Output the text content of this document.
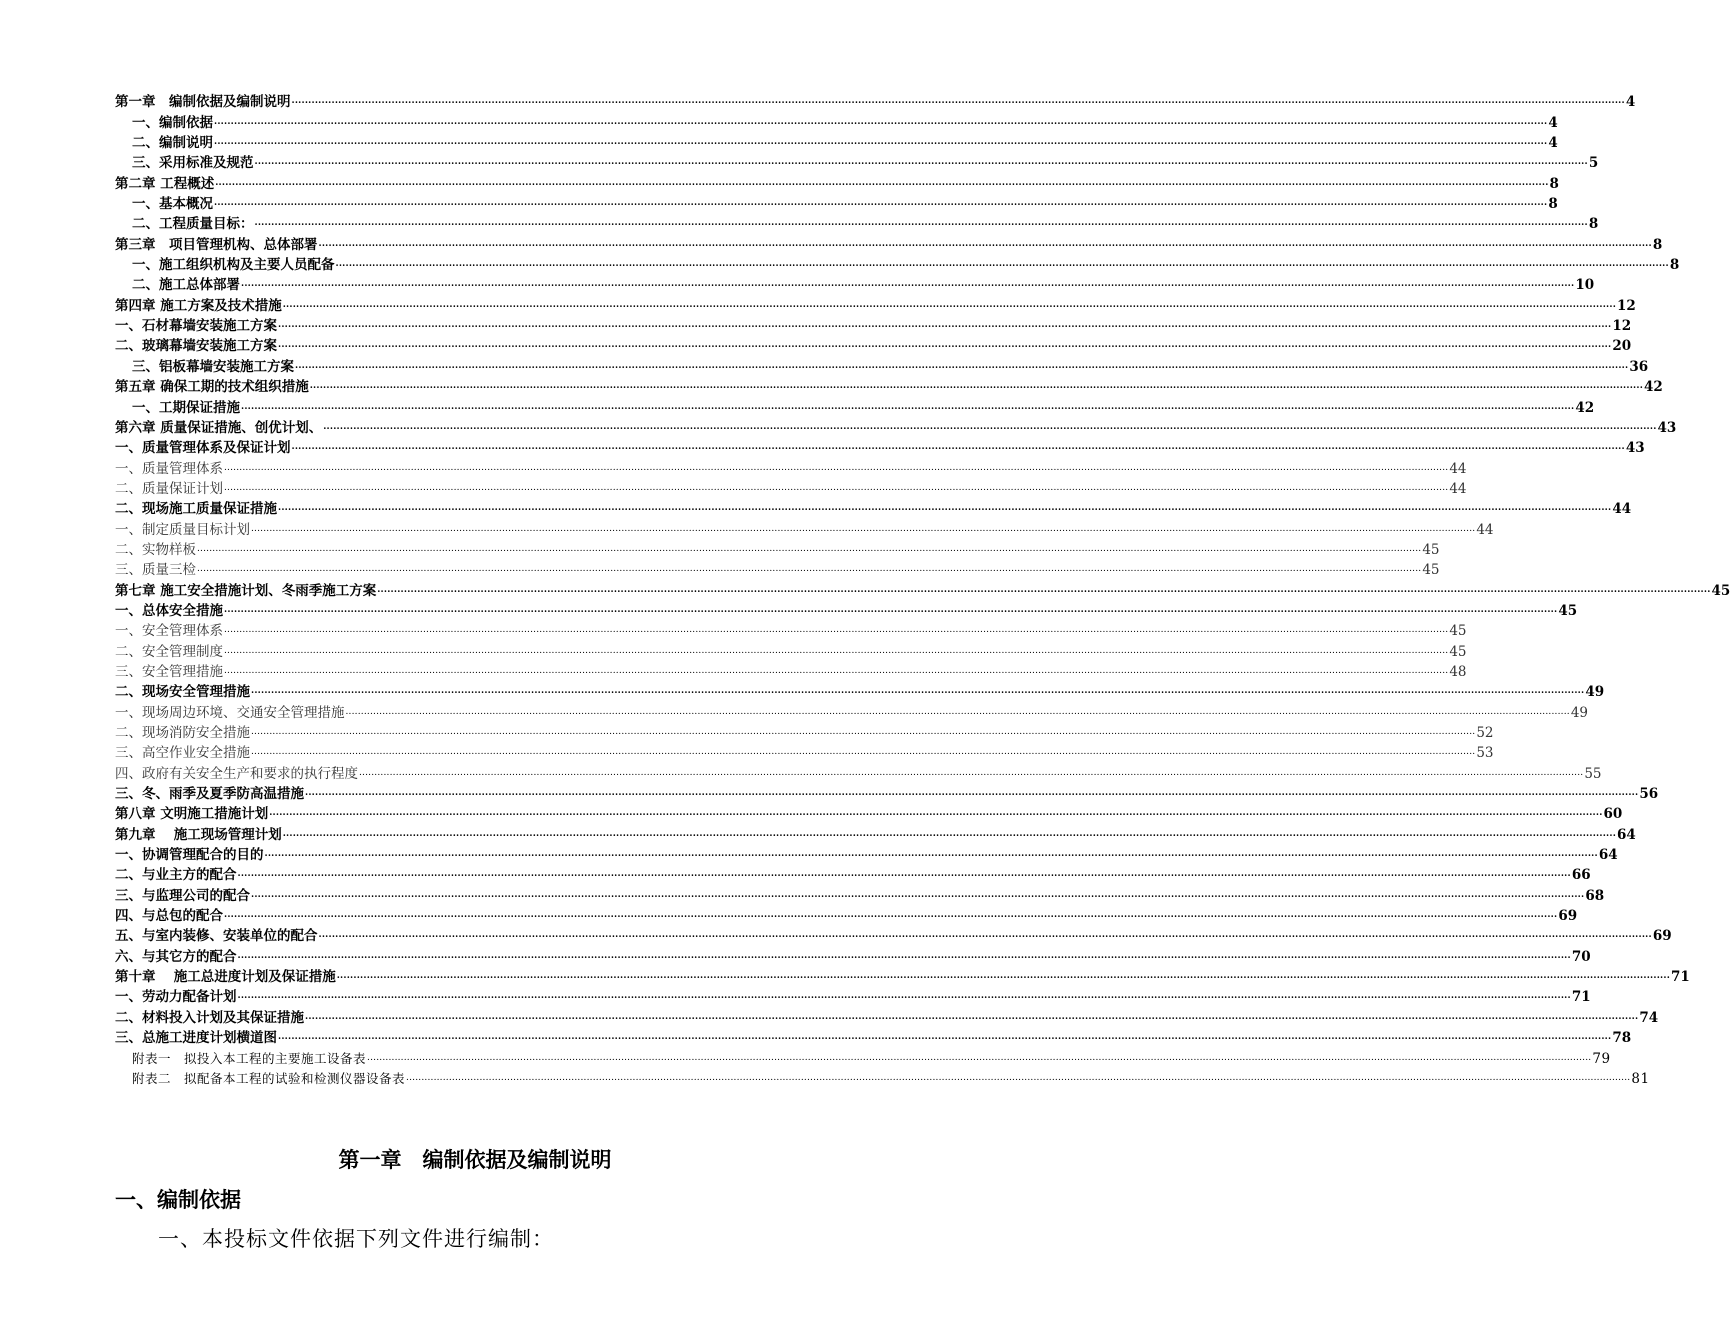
第一章　编制依据及编制说明 ................................................................................................................................................................................................................................................................................................................................................................................................................ 4
一、编制依据 ................................................................................................................................................................................................................................................................................................................................................................................................................ 4
二、编制说明 ................................................................................................................................................................................................................................................................................................................................................................................................................ 4
三、采用标准及规范 ................................................................................................................................................................................................................................................................................................................................................................................................................ 5
第二章 工程概述 ................................................................................................................................................................................................................................................................................................................................................................................................................ 8
一、基本概况 ................................................................................................................................................................................................................................................................................................................................................................................................................ 8
二、工程质量目标： ................................................................................................................................................................................................................................................................................................................................................................................................................ 8
第三章　项目管理机构、总体部署 ................................................................................................................................................................................................................................................................................................................................................................................................................ 8
一、施工组织机构及主要人员配备 ................................................................................................................................................................................................................................................................................................................................................................................................................ 8
二、施工总体部署 ................................................................................................................................................................................................................................................................................................................................................................................................................ 10
第四章 施工方案及技术措施 ................................................................................................................................................................................................................................................................................................................................................................................................................ 12
一、石材幕墙安装施工方案 ................................................................................................................................................................................................................................................................................................................................................................................................................ 12
二、玻璃幕墙安装施工方案 ................................................................................................................................................................................................................................................................................................................................................................................................................ 20
三、铝板幕墙安装施工方案 ................................................................................................................................................................................................................................................................................................................................................................................................................ 36
第五章 确保工期的技术组织措施 ................................................................................................................................................................................................................................................................................................................................................................................................................ 42
一、工期保证措施 ................................................................................................................................................................................................................................................................................................................................................................................................................ 42
第六章 质量保证措施、创优计划、 ................................................................................................................................................................................................................................................................................................................................................................................................................ 43
一、质量管理体系及保证计划 ................................................................................................................................................................................................................................................................................................................................................................................................................ 43
一、质量管理体系 ................................................................................................................................................................................................................................................................................................................................................................................................................ 44
二、质量保证计划 ................................................................................................................................................................................................................................................................................................................................................................................................................ 44
二、现场施工质量保证措施 ................................................................................................................................................................................................................................................................................................................................................................................................................ 44
一、制定质量目标计划 ................................................................................................................................................................................................................................................................................................................................................................................................................ 44
二、实物样板 ................................................................................................................................................................................................................................................................................................................................................................................................................ 45
三、质量三检 ................................................................................................................................................................................................................................................................................................................................................................................................................ 45
第七章 施工安全措施计划、冬雨季施工方案 ................................................................................................................................................................................................................................................................................................................................................................................................................ 45
一、总体安全措施 ................................................................................................................................................................................................................................................................................................................................................................................................................ 45
一、安全管理体系 ................................................................................................................................................................................................................................................................................................................................................................................................................ 45
二、安全管理制度 ................................................................................................................................................................................................................................................................................................................................................................................................................ 45
三、安全管理措施 ................................................................................................................................................................................................................................................................................................................................................................................................................ 48
二、现场安全管理措施 ................................................................................................................................................................................................................................................................................................................................................................................................................ 49
一、现场周边环境、交通安全管理措施 ................................................................................................................................................................................................................................................................................................................................................................................................................ 49
二、现场消防安全措施 ................................................................................................................................................................................................................................................................................................................................................................................................................ 52
三、高空作业安全措施 ................................................................................................................................................................................................................................................................................................................................................................................................................ 53
四、政府有关安全生产和要求的执行程度 ................................................................................................................................................................................................................................................................................................................................................................................................................ 55
三、冬、雨季及夏季防高温措施 ................................................................................................................................................................................................................................................................................................................................................................................................................ 56
第八章 文明施工措施计划 ................................................................................................................................................................................................................................................................................................................................................................................................................ 60
第九章　 施工现场管理计划 ................................................................................................................................................................................................................................................................................................................................................................................................................ 64
一、协调管理配合的目的 ................................................................................................................................................................................................................................................................................................................................................................................................................ 64
二、与业主方的配合 ................................................................................................................................................................................................................................................................................................................................................................................................................ 66
三、与监理公司的配合 ................................................................................................................................................................................................................................................................................................................................................................................................................ 68
四、与总包的配合 ................................................................................................................................................................................................................................................................................................................................................................................................................ 69
五、与室内装修、安装单位的配合 ................................................................................................................................................................................................................................................................................................................................................................................................................ 69
六、与其它方的配合 ................................................................................................................................................................................................................................................................................................................................................................................................................ 70
第十章　 施工总进度计划及保证措施 ................................................................................................................................................................................................................................................................................................................................................................................................................ 71
一、劳动力配备计划 ................................................................................................................................................................................................................................................................................................................................................................................................................ 71
二、材料投入计划及其保证措施 ................................................................................................................................................................................................................................................................................................................................................................................................................ 74
三、总施工进度计划横道图 ................................................................................................................................................................................................................................................................................................................................................................................................................ 78
附表一　拟投入本工程的主要施工设备表 ................................................................................................................................................................................................................................................................................................................................................................................................................ 79
附表二　拟配备本工程的试验和检测仪器设备表 ................................................................................................................................................................................................................................................................................................................................................................................................................ 81
第一章　编制依据及编制说明
一、编制依据

一、本投标文件依据下列文件进行编制：
